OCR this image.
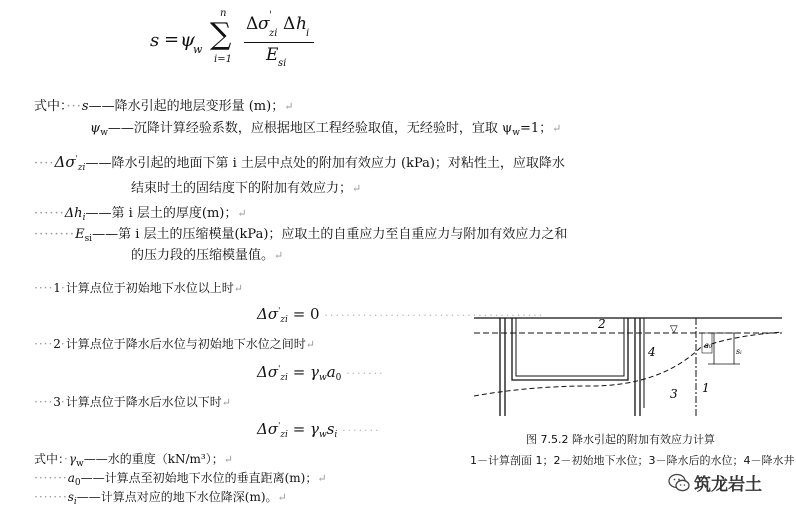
s = ψ
w
n
∑
i=1
Δ σ '
zi Δ h i
E si
式中：···s——降水引起的地层变形量 (m)；↵
$\psi_w——$沉降计算经验系数，应根据地区工程经验取值，无经验时，宜取 $\psi_w=1$；↵
$\cdot\cdot\cdot\cdot\Delta\sigma'_{zi}——$降水引起的地面下第 i 土层中点处的附加有效应力 (kPa)；对粘性土，应取降水
结束时土的固结度下的附加有效应力；↵
$\cdot\cdot\cdot\cdot\cdot\cdot\Delta h_i——$第 i 层土的厚度(m)；↵
$\cdot\cdot\cdot\cdot\cdot\cdot\cdot\cdot E_{si}——$第 i 层土的压缩模量(kPa)；应取土的自重应力至自重应力与附加有效应力之和
的压力段的压缩模量值。↵
····1·计算点位于初始地下水位以上时↵
$\Delta\sigma'_{zi} = 0$ ········································
····2·计算点位于降水后水位与初始地下水位之间时↵
$\Delta\sigma'_{zi} = \gamma_wa_0$ ·······
····3·计算点位于降水后水位以下时↵
$\Delta\sigma'_{zi} = \gamma_ws_i$ ·······
式中：$\cdot\gamma_w——$水的重度（kN/m³）；↵
$\cdot\cdot\cdot\cdot\cdot\cdot\cdot a_0——$计算点至初始地下水位的垂直距离(m)；↵
$\cdot\cdot\cdot\cdot\cdot\cdot\cdot s_i——$计算点对应的地下水位降深(m)。↵
2
4
3 1
a₀
sᵢ
▽
图 7.5.2 降水引起的附加有效应力计算
1－计算剖面 1；2－初始地下水位；3－降水后的水位；4－降水井
筑龙岩土
